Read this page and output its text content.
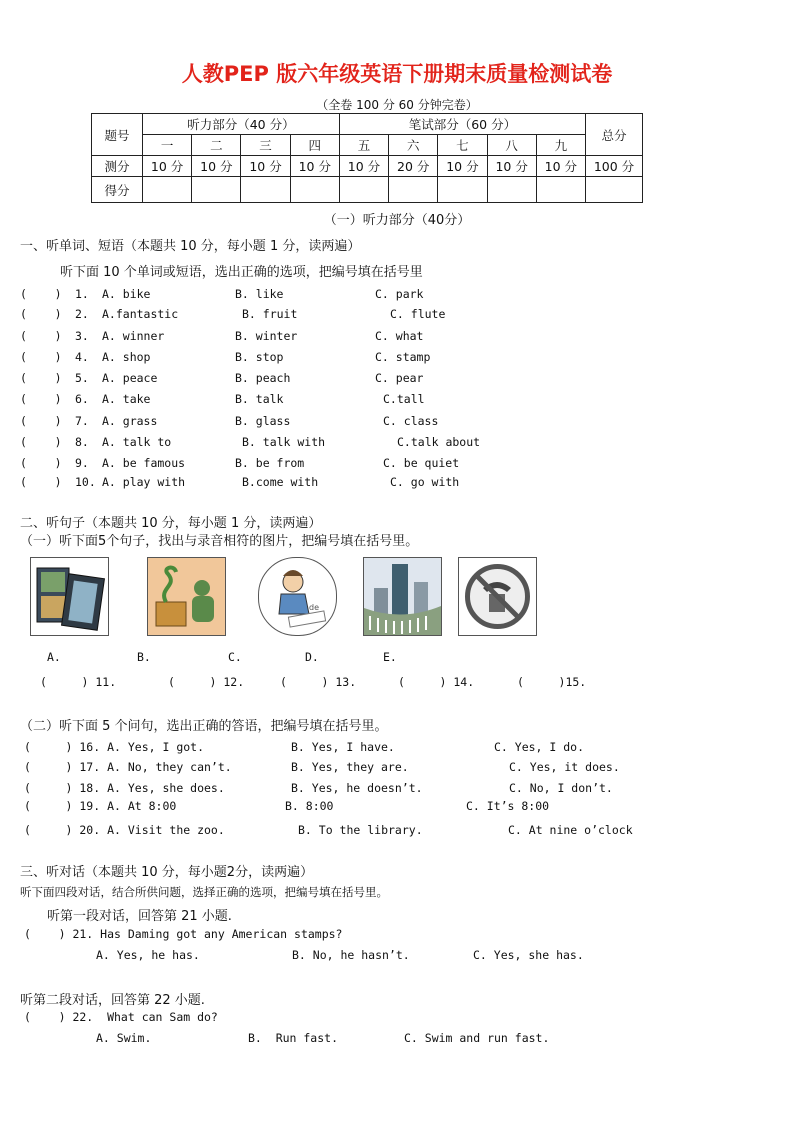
人教PEP 版六年级英语下册期末质量检测试卷
（全卷 100 分 60 分钟完卷）
题号	听力部分（40 分）				笔试部分（60 分）					总分
	一	二	三	四	五	六	七	八	九	
测分	10 分	10 分	10 分	10 分	10 分	20 分	10 分	10 分	10 分	100 分
得分										
（一）听力部分（40分）
一、听单词、短语（本题共 10 分，每小题 1 分，读两遍）
听下面 10 个单词或短语，选出正确的选项，把编号填在括号里
(    ) 1. A. bike	B. like	C. park
(    ) 2. A.fantastic	B. fruit	C. flute
(    ) 3. A. winner	B. winter	C. what
(    ) 4. A. shop	B. stop	C. stamp
(    ) 5. A. peace	B. peach	C. pear
(    ) 6. A. take	B. talk	C.tall
(    ) 7. A. grass	B. glass	C. class
(    ) 8. A. talk to	B. talk with	C.talk about
(    ) 9. A. be famous	B. be from	C. be quiet
(    ) 10. A. play with	B.come with	C. go with
二、听句子（本题共 10 分，每小题 1 分，读两遍）
（一）听下面5个句子，找出与录音相符的图片，把编号填在括号里。
de
A.	B.	C.	D.	E.
(     ) 11.	(     ) 12.	(     ) 13.	(     ) 14.	(     )15.
（二）听下面 5 个问句，选出正确的答语，把编号填在括号里。
(     ) 16. A. Yes, I got.	B. Yes, I have.	C. Yes, I do.
(     ) 17. A. No, they can’t.	B. Yes, they are.	C. Yes, it does.
(     ) 18. A. Yes, she does.	B. Yes, he doesn’t.	C. No, I don’t.
(     ) 19. A. At 8:00	B. 8:00	C. It’s 8:00
(     ) 20. A. Visit the zoo.	B. To the library.	C. At nine o’clock
三、听对话（本题共 10 分，每小题2分，读两遍）
听下面四段对话，结合所供问题，选择正确的选项，把编号填在括号里。
听第一段对话，回答第 21 小题.
(    ) 21. Has Daming got any American stamps?
A. Yes, he has.	B. No, he hasn’t.	C. Yes, she has.
听第二段对话，回答第 22 小题.
(    ) 22.  What can Sam do?
A. Swim.	B.  Run fast.	C. Swim and run fast.
